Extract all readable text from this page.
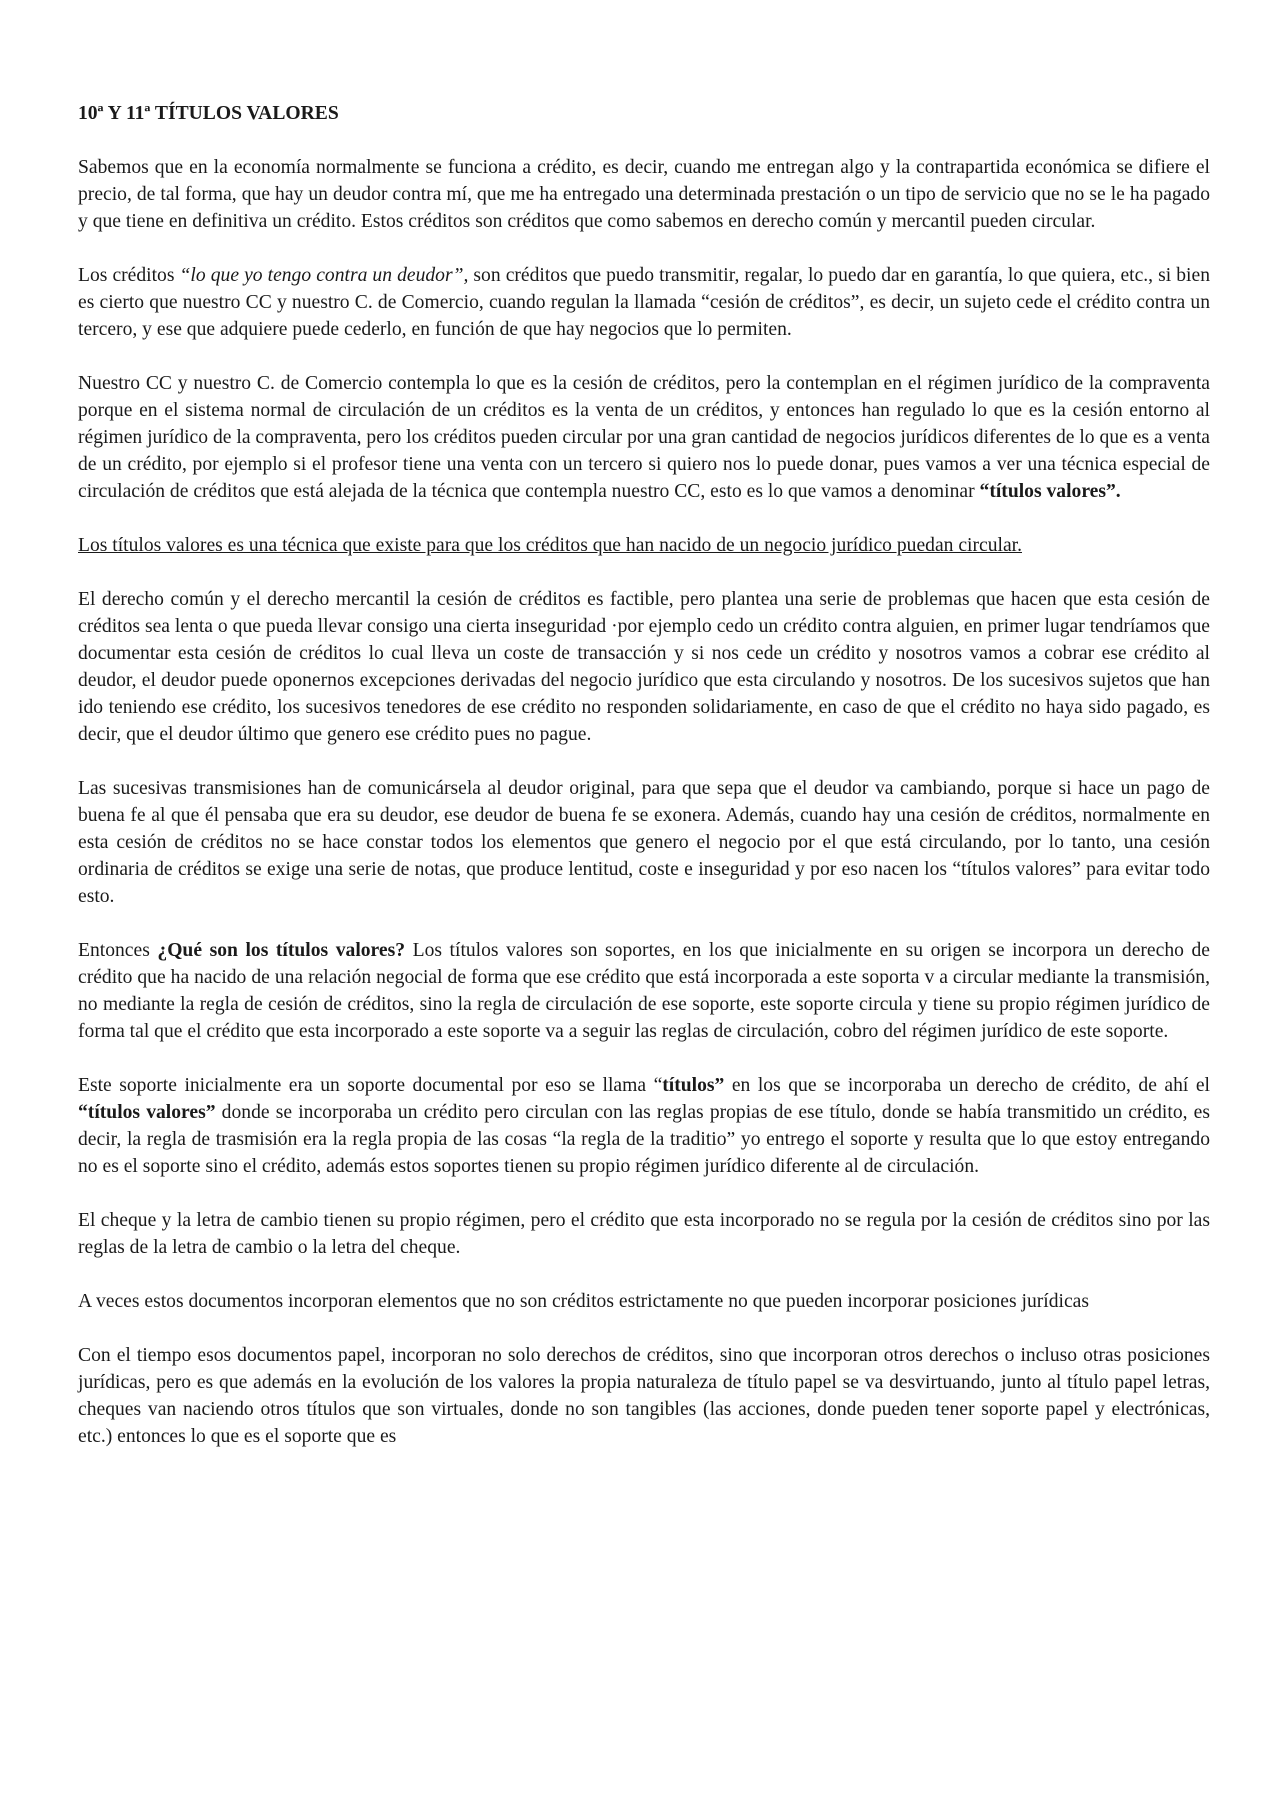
10ª Y 11ª TÍTULOS VALORES

Sabemos que en la economía normalmente se funciona a crédito, es decir, cuando me entregan algo y la contrapartida económica se difiere el precio, de tal forma, que hay un deudor contra mí, que me ha entregado una determinada prestación o un tipo de servicio que no se le ha pagado y que tiene en definitiva un crédito. Estos créditos son créditos que como sabemos en derecho común y mercantil pueden circular.

Los créditos “lo que yo tengo contra un deudor”, son créditos que puedo transmitir, regalar, lo puedo dar en garantía, lo que quiera, etc., si bien es cierto que nuestro CC y nuestro C. de Comercio, cuando regulan la llamada “cesión de créditos”, es decir, un sujeto cede el crédito contra un tercero, y ese que adquiere puede cederlo, en función de que hay negocios que lo permiten.

Nuestro CC y nuestro C. de Comercio contempla lo que es la cesión de créditos, pero la contemplan en el régimen jurídico de la compraventa porque en el sistema normal de circulación de un créditos es la venta de un créditos, y entonces han regulado lo que es la cesión entorno al régimen jurídico de la compraventa, pero los créditos pueden circular por una gran cantidad de negocios jurídicos diferentes de lo que es a venta de un crédito, por ejemplo si el profesor tiene una venta con un tercero si quiero nos lo puede donar, pues vamos a ver una técnica especial de circulación de créditos que está alejada de la técnica que contempla nuestro CC, esto es lo que vamos a denominar “títulos valores”.

Los títulos valores es una técnica que existe para que los créditos que han nacido de un negocio jurídico puedan circular.

El derecho común y el derecho mercantil la cesión de créditos es factible, pero plantea una serie de problemas que hacen que esta cesión de créditos sea lenta o que pueda llevar consigo una cierta inseguridad ·por ejemplo cedo un crédito contra alguien, en primer lugar tendríamos que documentar esta cesión de créditos lo cual lleva un coste de transacción y si nos cede un crédito y nosotros vamos a cobrar ese crédito al deudor, el deudor puede oponernos excepciones derivadas del negocio jurídico que esta circulando y nosotros. De los sucesivos sujetos que han ido teniendo ese crédito, los sucesivos tenedores de ese crédito no responden solidariamente, en caso de que el crédito no haya sido pagado, es decir, que el deudor último que genero ese crédito pues no pague.

Las sucesivas transmisiones han de comunicársela al deudor original, para que sepa que el deudor va cambiando, porque si hace un pago de buena fe al que él pensaba que era su deudor, ese deudor de buena fe se exonera. Además, cuando hay una cesión de créditos, normalmente en esta cesión de créditos no se hace constar todos los elementos que genero el negocio por el que está circulando, por lo tanto, una cesión ordinaria de créditos se exige una serie de notas, que produce lentitud, coste e inseguridad y por eso nacen los “títulos valores” para evitar todo esto.

Entonces ¿Qué son los títulos valores? Los títulos valores son soportes, en los que inicialmente en su origen se incorpora un derecho de crédito que ha nacido de una relación negocial de forma que ese crédito que está incorporada a este soporta v a circular mediante la transmisión, no mediante la regla de cesión de créditos, sino la regla de circulación de ese soporte, este soporte circula y tiene su propio régimen jurídico de forma tal que el crédito que esta incorporado a este soporte va a seguir las reglas de circulación, cobro del régimen jurídico de este soporte.

Este soporte inicialmente era un soporte documental por eso se llama “títulos” en los que se incorporaba un derecho de crédito, de ahí el “títulos valores” donde se incorporaba un crédito pero circulan con las reglas propias de ese título, donde se había transmitido un crédito, es decir, la regla de trasmisión era la regla propia de las cosas “la regla de la traditio” yo entrego el soporte y resulta que lo que estoy entregando no es el soporte sino el crédito, además estos soportes tienen su propio régimen jurídico diferente al de circulación.

El cheque y la letra de cambio tienen su propio régimen, pero el crédito que esta incorporado no se regula por la cesión de créditos sino por las reglas de la letra de cambio o la letra del cheque.

A veces estos documentos incorporan elementos que no son créditos estrictamente no que pueden incorporar posiciones jurídicas

Con el tiempo esos documentos papel, incorporan no solo derechos de créditos, sino que incorporan otros derechos o incluso otras posiciones jurídicas, pero es que además en la evolución de los valores la propia naturaleza de título papel se va desvirtuando, junto al título papel letras, cheques van naciendo otros títulos que son virtuales, donde no son tangibles (las acciones, donde pueden tener soporte papel y electrónicas, etc.) entonces lo que es el soporte que es
